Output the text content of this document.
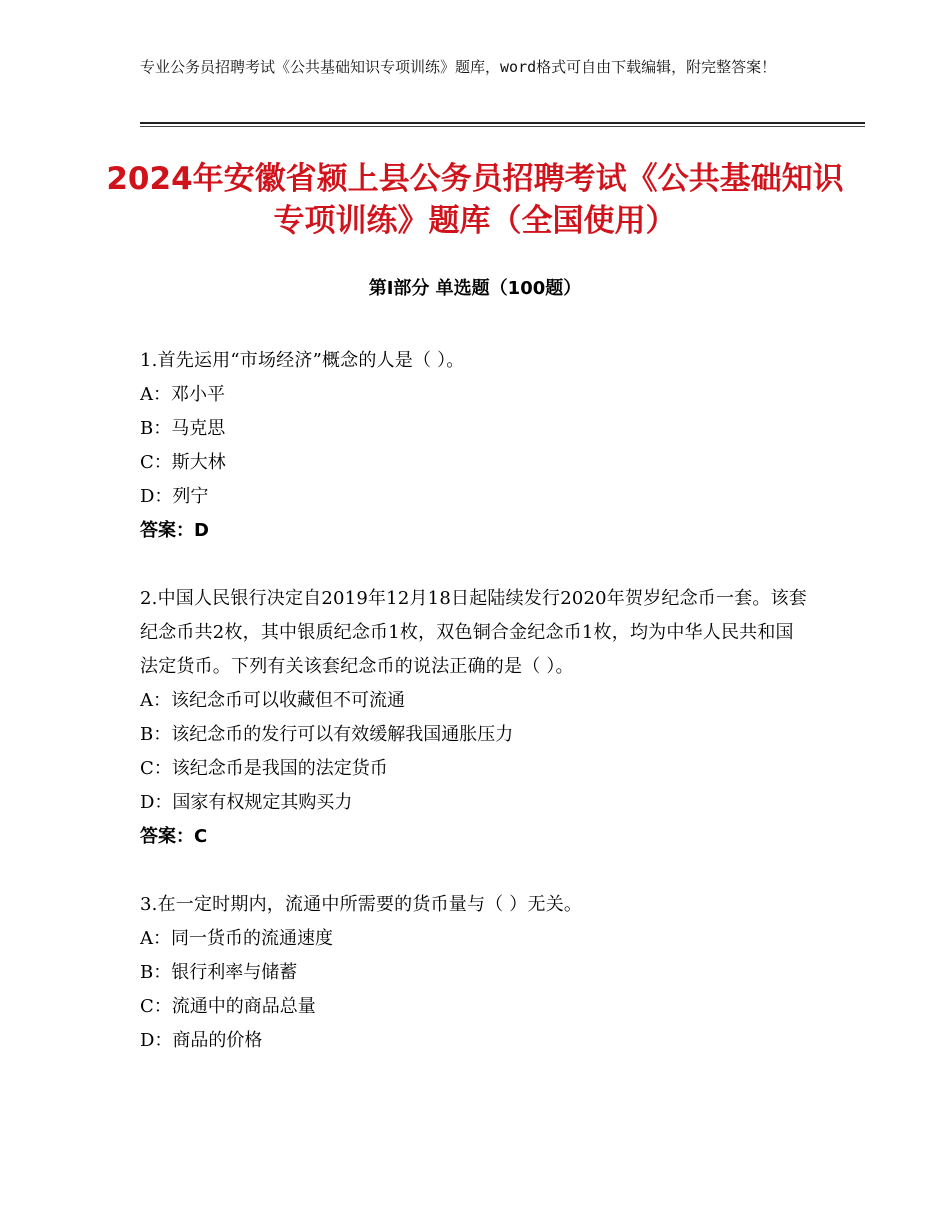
专业公务员招聘考试《公共基础知识专项训练》题库，word格式可自由下载编辑，附完整答案！
2024年安徽省颍上县公务员招聘考试《公共基础知识专项训练》题库（全国使用）
第Ⅰ部分 单选题（100题）
1.首先运用“市场经济”概念的人是（ ）。
A：邓小平
B：马克思
C：斯大林
D：列宁
答案：D
2.中国人民银行决定自2019年12月18日起陆续发行2020年贺岁纪念币一套。该套纪念币共2枚，其中银质纪念币1枚，双色铜合金纪念币1枚，均为中华人民共和国法定货币。下列有关该套纪念币的说法正确的是（ ）。
A：该纪念币可以收藏但不可流通
B：该纪念币的发行可以有效缓解我国通胀压力
C：该纪念币是我国的法定货币
D：国家有权规定其购买力
答案：C
3.在一定时期内，流通中所需要的货币量与（ ）无关。
A：同一货币的流通速度
B：银行利率与储蓄
C：流通中的商品总量
D：商品的价格
